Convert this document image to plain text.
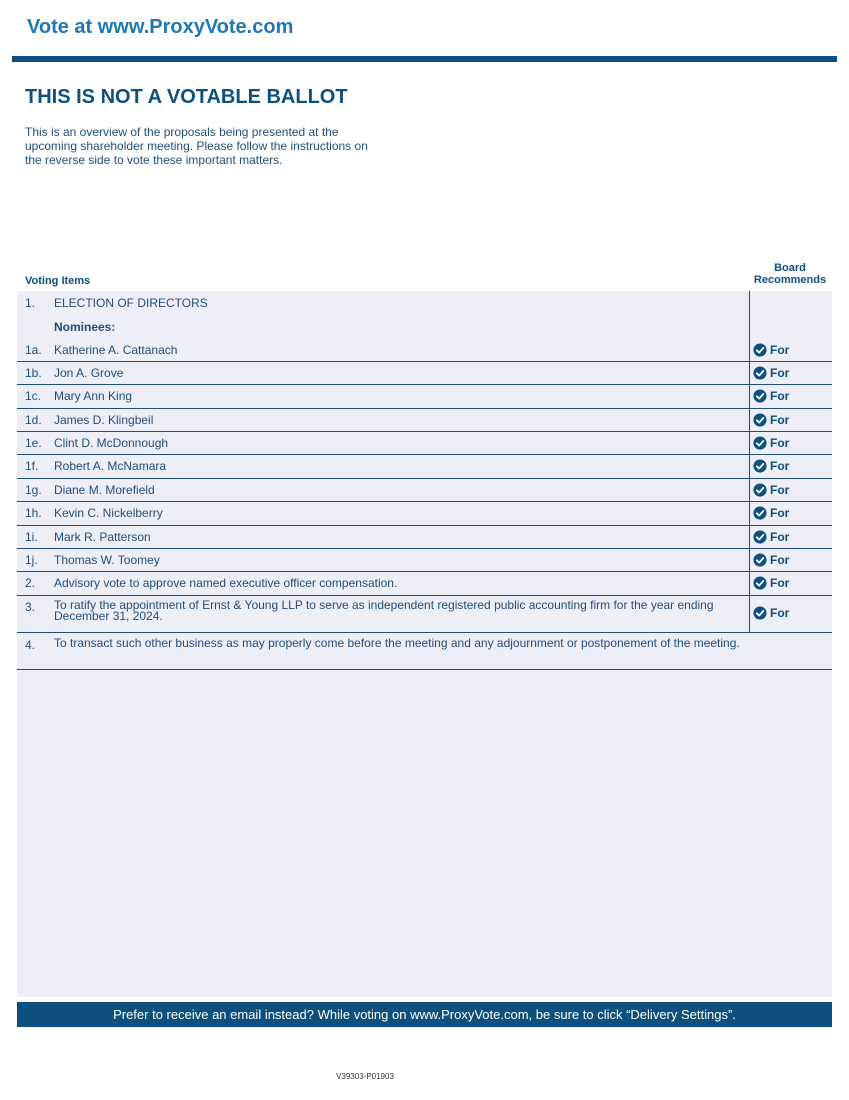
Vote at www.ProxyVote.com
THIS IS NOT A VOTABLE BALLOT
This is an overview of the proposals being presented at the
upcoming shareholder meeting. Please follow the instructions on
the reverse side to vote these important matters.
Voting Items
Board
Recommends
1. ELECTION OF DIRECTORS
Nominees:
1a. Katherine A. Cattanach	For
1b. Jon A. Grove	For
1c. Mary Ann King	For
1d. James D. Klingbeil	For
1e. Clint D. McDonnough	For
1f. Robert A. McNamara	For
1g. Diane M. Morefield	For
1h. Kevin C. Nickelberry	For
1i. Mark R. Patterson	For
1j. Thomas W. Toomey	For
2. Advisory vote to approve named executive officer compensation.	For
3. To ratify the appointment of Ernst & Young LLP to serve as independent registered public accounting firm for the year ending December 31, 2024.	For
4. To transact such other business as may properly come before the meeting and any adjournment or postponement of the meeting.
Prefer to receive an email instead? While voting on www.ProxyVote.com, be sure to click “Delivery Settings”.
V39303-P01903
